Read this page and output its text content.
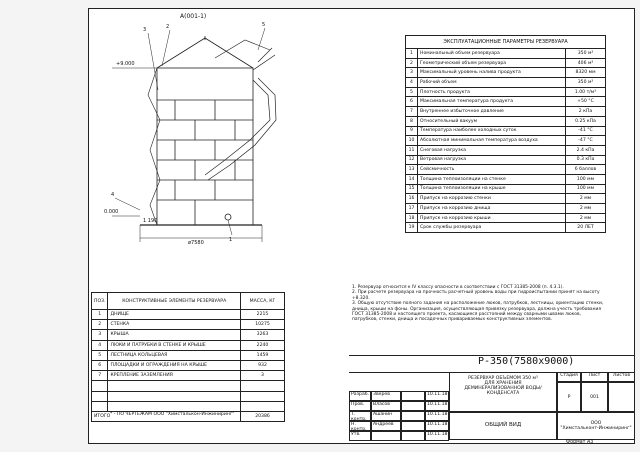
A(001-1)
3	2	5
4
1
+9.000
0.000
1 190
ø7580
ЭКСПЛУАТАЦИОННЫЕ ПАРАМЕТРЫ РЕЗЕРВУАРА		
1	Номинальный объем резервуара	350 м³
2	Геометрический объем резервуара	406 м³
3	Максимальный уровень налива продукта	8320 мм
4	Рабочий объем	350 м³
5	Плотность продукта	1.00 т/м³
6	Максимальная температура продукта	+50 °С
7	Внутреннее избыточное давление	2 кПа
8	Относительный вакуум	0.25 кПа
9	Температура наиболее холодных суток	-41 °С
10	Абсолютная минимальная температура воздуха	-47 °С
11	Снеговая нагрузка	2.4 кПа
12	Ветровая нагрузка	0.3 кПа
13	Сейсмичность	6 баллов
14	Толщина теплоизоляции на стенке	100 мм
15	Толщина теплоизоляции на крыше	100 мм
16	Припуск на коррозию стенки	2 мм
17	Припуск на коррозию днища	2 мм
18	Припуск на коррозию крыши	2 мм
19	Срок службы резервуара	20 ЛЕТ
ПОЗ.	КОНСТРУКТИВНЫЕ ЭЛЕМЕНТЫ РЕЗЕРВУАРА	МАССА, КГ
1	ДНИЩЕ	2215
2	СТЕНКА	10275
3	КРЫША	3263
4	ЛЮКИ И ПАТРУБКИ В СТЕНКЕ И КРЫШЕ	2240
5	ЛЕСТНИЦА КОЛЬЦЕВАЯ	1459
6	ПЛОЩАДКИ И ОГРАЖДЕНИЯ НА КРЫШЕ	932
7	КРЕПЛЕНИЕ ЗАЗЕМЛЕНИЯ	3

ИТОГО		20386
* - ПО ЧЕРТЕЖАМ ООО "Химсталькон-Инжиниринг"

1. Резервуар относится к IV классу опасности в соответствии с ГОСТ 31385-2008 (п. 4.3.1).

2. При расчете резервуара на прочность расчетный уровень воды при гидроиспытании принят на высоту +8.320.

3. Общую отсутствие полного задания на расположение люков, патрубков, лестницы, ориентацию стенки, днища, крыши на фоны. Организация, осуществляющая привязку резервуара, должна учесть требования ГОСТ 31385-2008 и настоящего проекта, касающиеся расстояний между сварными швами люков, патрубков, стенки, днища и посадочных привариваемых конструктивных элементов.

Р-350(7580х9000)
Разраб. Зверев	10.11.18
Пров.	Власов	10.11.18
Т. контр.
Ашанин	10.11.18
Н. контр.
Андреев	10.11.18
Утв.	10.11.18
РЕЗЕРВУАР ОБЪЕМОМ 350 м³
ДЛЯ ХРАНЕНИЯ
ДЕМИНЕРАЛИЗОВАННОЙ ВОДЫ/КОНДЕНСАТА
ОБЩИЙ ВИД
Стадия	Лист	Листов
Р	001
ООО
"Химстальконт-Инжиниринг"
Формат А3
